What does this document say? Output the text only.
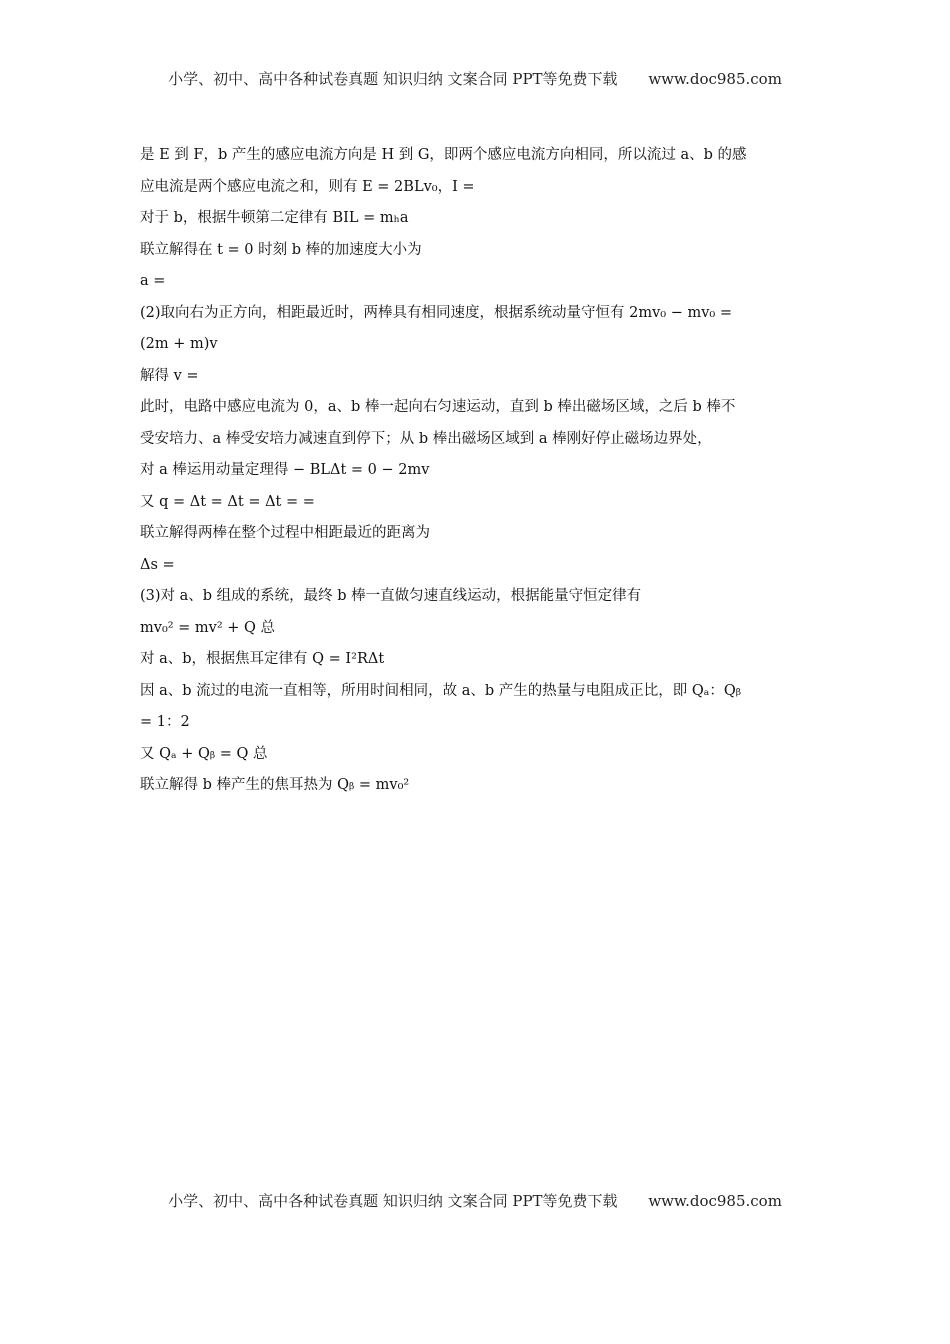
小学、初中、高中各种试卷真题 知识归纳 文案合同 PPT等免费下载 www.doc985.com
是 E 到 F，b 产生的感应电流方向是 H 到 G，即两个感应电流方向相同，所以流过 a、b 的感
应电流是两个感应电流之和，则有 E = 2BLv₀，I =
对于 b，根据牛顿第二定律有 BIL = mₕa
联立解得在 t = 0 时刻 b 棒的加速度大小为
a =
(2)取向右为正方向，相距最近时，两棒具有相同速度，根据系统动量守恒有 2mv₀ − mv₀ =
(2m + m)v
解得 v =
此时，电路中感应电流为 0，a、b 棒一起向右匀速运动，直到 b 棒出磁场区域，之后 b 棒不
受安培力、a 棒受安培力减速直到停下；从 b 棒出磁场区域到 a 棒刚好停止磁场边界处，
对 a 棒运用动量定理得 − BLΔt = 0 − 2mv
又 q = Δt = Δt = Δt = =
联立解得两棒在整个过程中相距最近的距离为
Δs =
(3)对 a、b 组成的系统，最终 b 棒一直做匀速直线运动，根据能量守恒定律有
mv₀² = mv² + Q 总
对 a、b，根据焦耳定律有 Q = I²RΔt
因 a、b 流过的电流一直相等，所用时间相同，故 a、b 产生的热量与电阻成正比，即 Qₐ：Qᵦ
= 1：2
又 Qₐ + Qᵦ = Q 总
联立解得 b 棒产生的焦耳热为 Qᵦ = mv₀²
小学、初中、高中各种试卷真题 知识归纳 文案合同 PPT等免费下载 www.doc985.com
